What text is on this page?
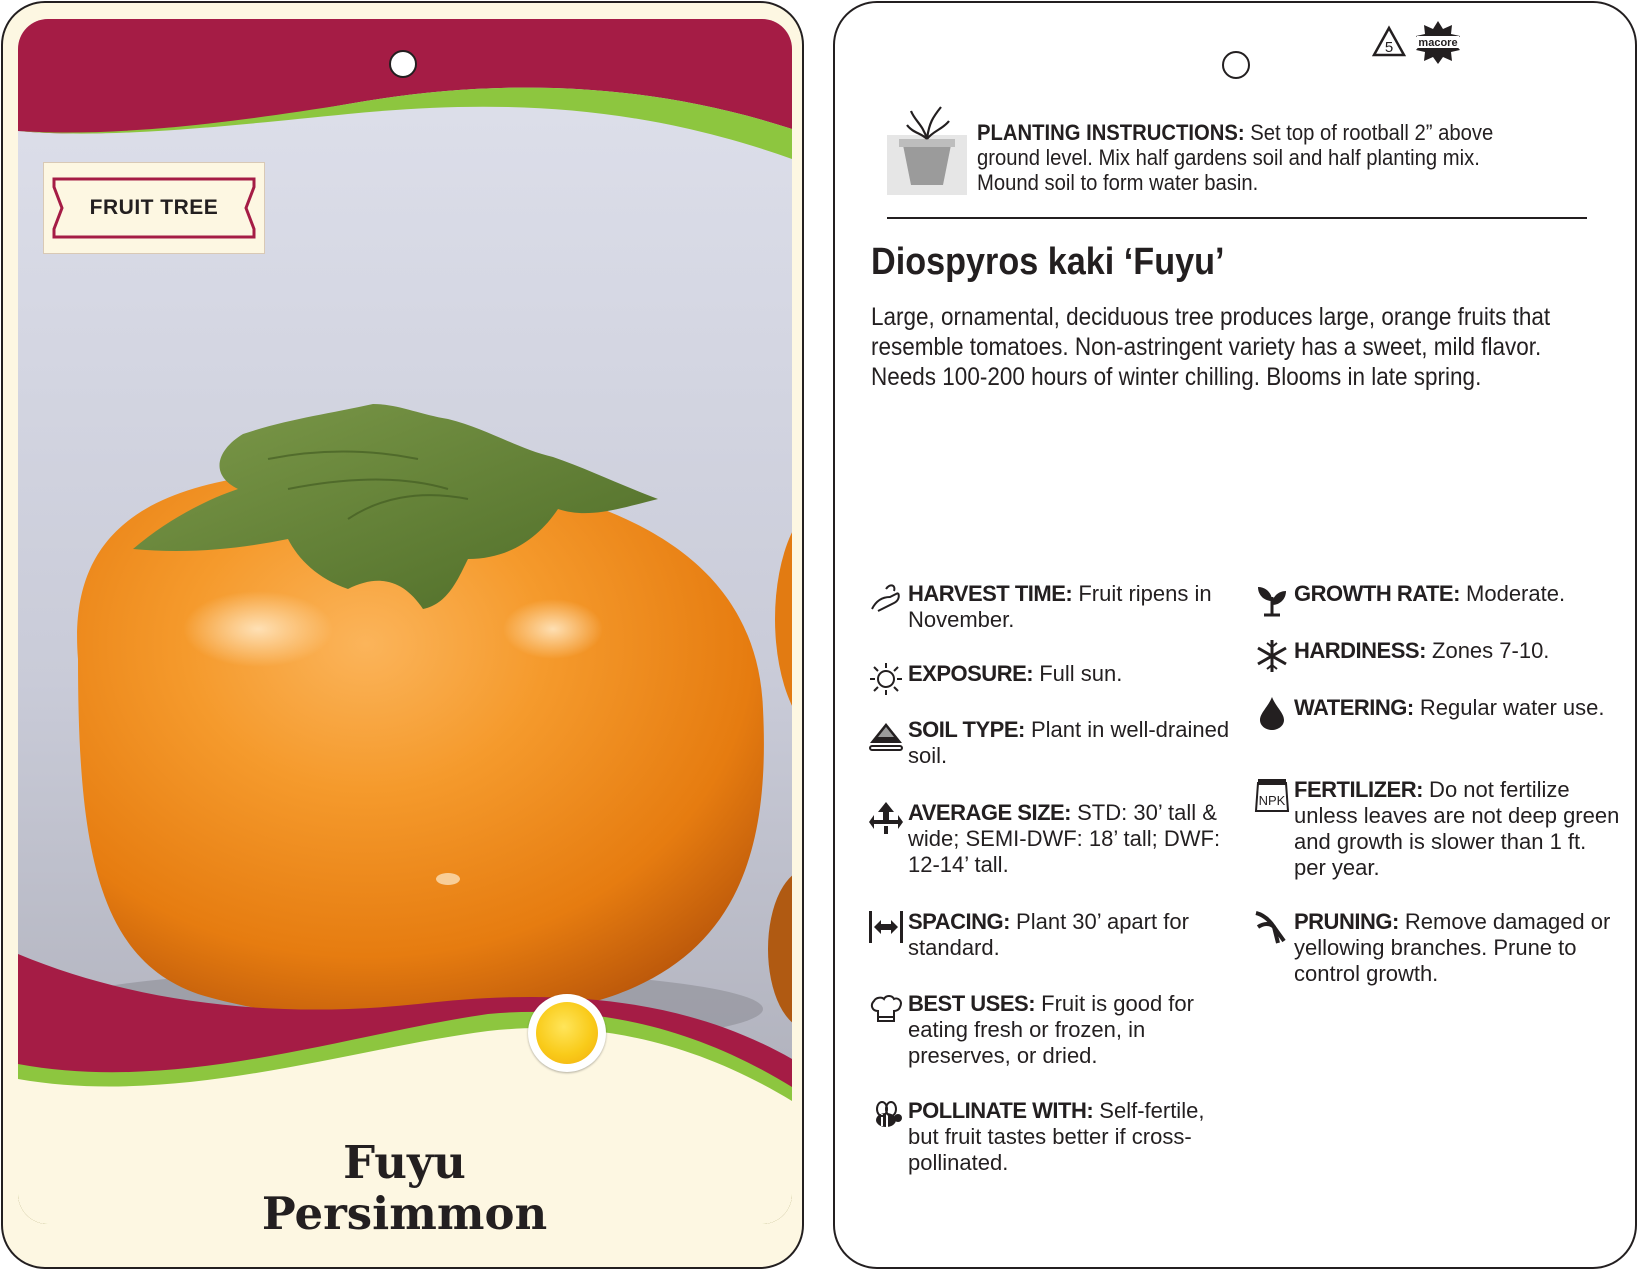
FRUIT TREE
Fuyu
Persimmon
5 macore
PLANTING INSTRUCTIONS: Set top of rootball 2” above ground level. Mix half gardens soil and half planting mix. Mound soil to form water basin.
Diospyros kaki ‘Fuyu’
Large, ornamental, deciduous tree produces large, orange fruits that resemble tomatoes. Non-astringent variety has a sweet, mild flavor. Needs 100-200 hours of winter chilling. Blooms in late spring.
HARVEST TIME: Fruit ripens in November.
EXPOSURE: Full sun.
SOIL TYPE: Plant in well-drained soil.
AVERAGE SIZE: STD: 30’ tall & wide; SEMI-DWF: 18’ tall; DWF: 12-14’ tall.
SPACING: Plant 30’ apart for standard.
BEST USES: Fruit is good for eating fresh or frozen, in preserves, or dried.
POLLINATE WITH: Self-fertile, but fruit tastes better if cross-pollinated.
GROWTH RATE: Moderate.
HARDINESS: Zones 7-10.
WATERING: Regular water use.
NPK FERTILIZER: Do not fertilize unless leaves are not deep green and growth is slower than 1 ft. per year.
PRUNING: Remove damaged or yellowing branches. Prune to control growth.
